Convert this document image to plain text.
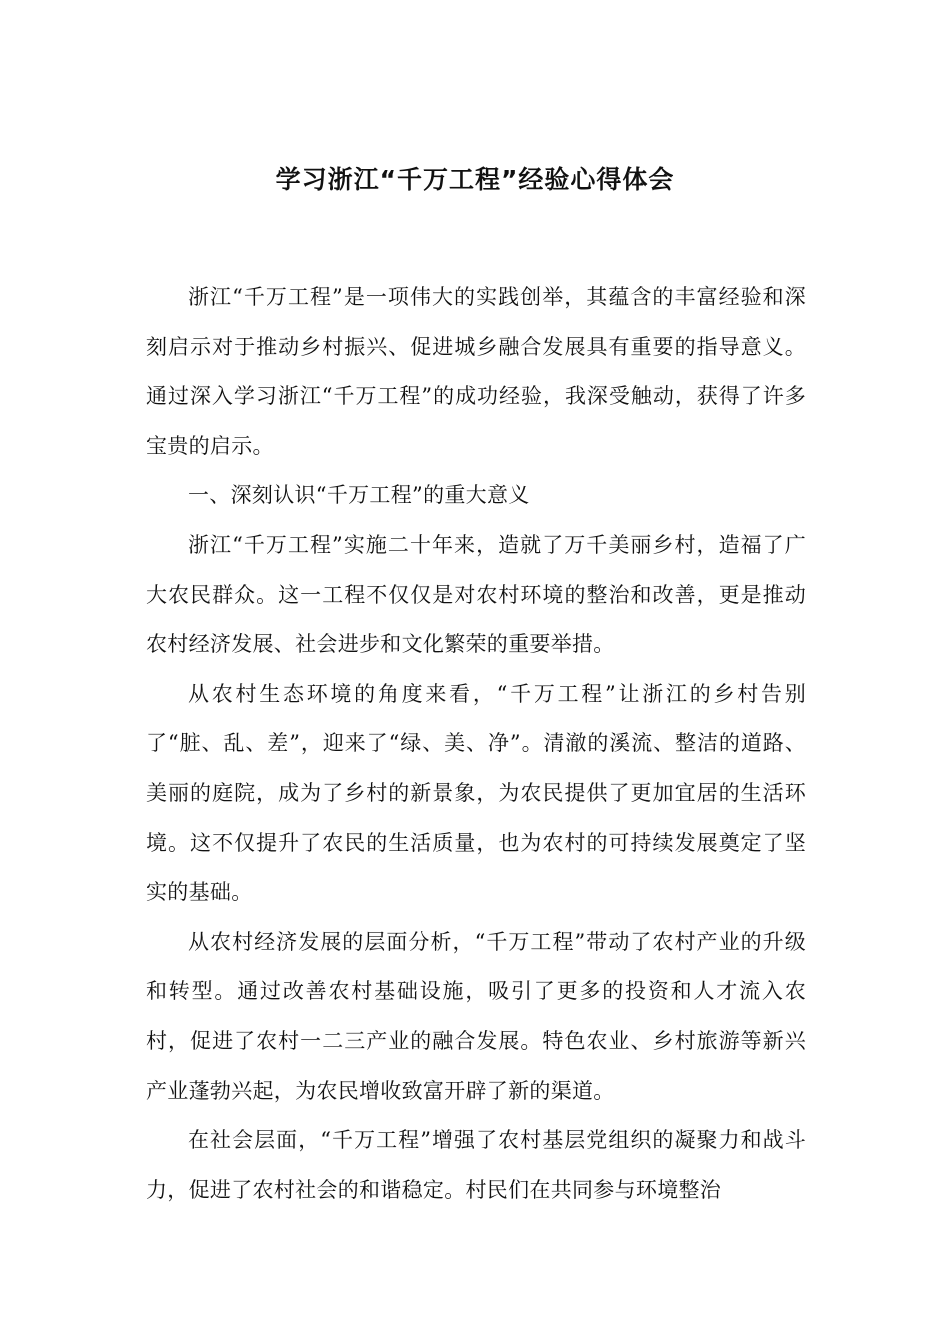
学习浙江“千万工程”经验心得体会

浙江“千万工程”是一项伟大的实践创举，其蕴含的丰富经验和深刻启示对于推动乡村振兴、促进城乡融合发展具有重要的指导意义。通过深入学习浙江“千万工程”的成功经验，我深受触动，获得了许多宝贵的启示。

一、深刻认识“千万工程”的重大意义

浙江“千万工程”实施二十年来，造就了万千美丽乡村，造福了广大农民群众。这一工程不仅仅是对农村环境的整治和改善，更是推动农村经济发展、社会进步和文化繁荣的重要举措。

从农村生态环境的角度来看，“千万工程”让浙江的乡村告别了“脏、乱、差”，迎来了“绿、美、净”。清澈的溪流、整洁的道路、美丽的庭院，成为了乡村的新景象，为农民提供了更加宜居的生活环境。这不仅提升了农民的生活质量，也为农村的可持续发展奠定了坚实的基础。

从农村经济发展的层面分析，“千万工程”带动了农村产业的升级和转型。通过改善农村基础设施，吸引了更多的投资和人才流入农村，促进了农村一二三产业的融合发展。特色农业、乡村旅游等新兴产业蓬勃兴起，为农民增收致富开辟了新的渠道。

在社会层面，“千万工程”增强了农村基层党组织的凝聚力和战斗力，促进了农村社会的和谐稳定。村民们在共同参与环境整治
